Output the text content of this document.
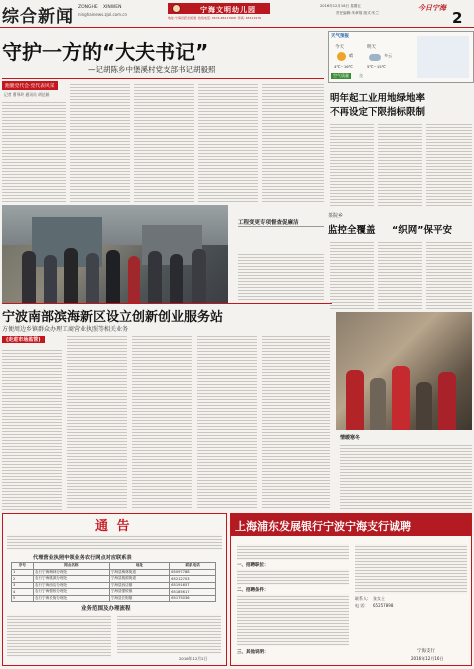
综合新闻 ZONGHE XINWEN
ninghainews.zjol.com.cn
宁海文明幼儿园
地址:宁海县跃龙街道 ·热线电话: 0574-65217908 ·传真: 65311976
2016年12月16日 星期五
责任编辑:朱章翔 版式:朱兰
今日宁海
2
守护一方的“大夫书记”
—记胡陈乡中堡溪村党支部书记胡毅照
跑腿党代会·党代表风采
记者 曹琴玲 通讯员 胡达娟
工程变更专项督查促廉洁
天气预报
今天	明天
晴	多云
4℃~16℃	5℃~15℃
空气质量	良
明年起工业用地绿地率
不再设定下限指标限制
茶院乡
监控全覆盖 “织网”保平安
情暖寒冬
宁波南部滨海新区设立创新创业服务站
方便周边乡镇群众办理工商营业执照等相关业务
(走进市场监管)
通 告
代理营业执照申领业务农行网点对应联系表
序号	网点名称	地址	联系电话
1	农行宁海梅林分理处	宁海县梅林街道	65097788
2	农行宁海桃源分理处	宁海县桃源街道	65212703
3	农行宁海西店分理处	宁海县西店镇	65191657
4	农行宁海强蛟分理处	宁海县强蛟镇	65185617
5	农行宁海长街分理处	宁海县长街镇	65175036
业务范围及办理流程
2016年12月2日
上海浦东发展银行宁波宁海支行诚聘
一、招聘职位：
二、招聘条件：
三、其他说明：
联系人: 张女士
电 话: 65257898
宁海支行
2016年12月16日
